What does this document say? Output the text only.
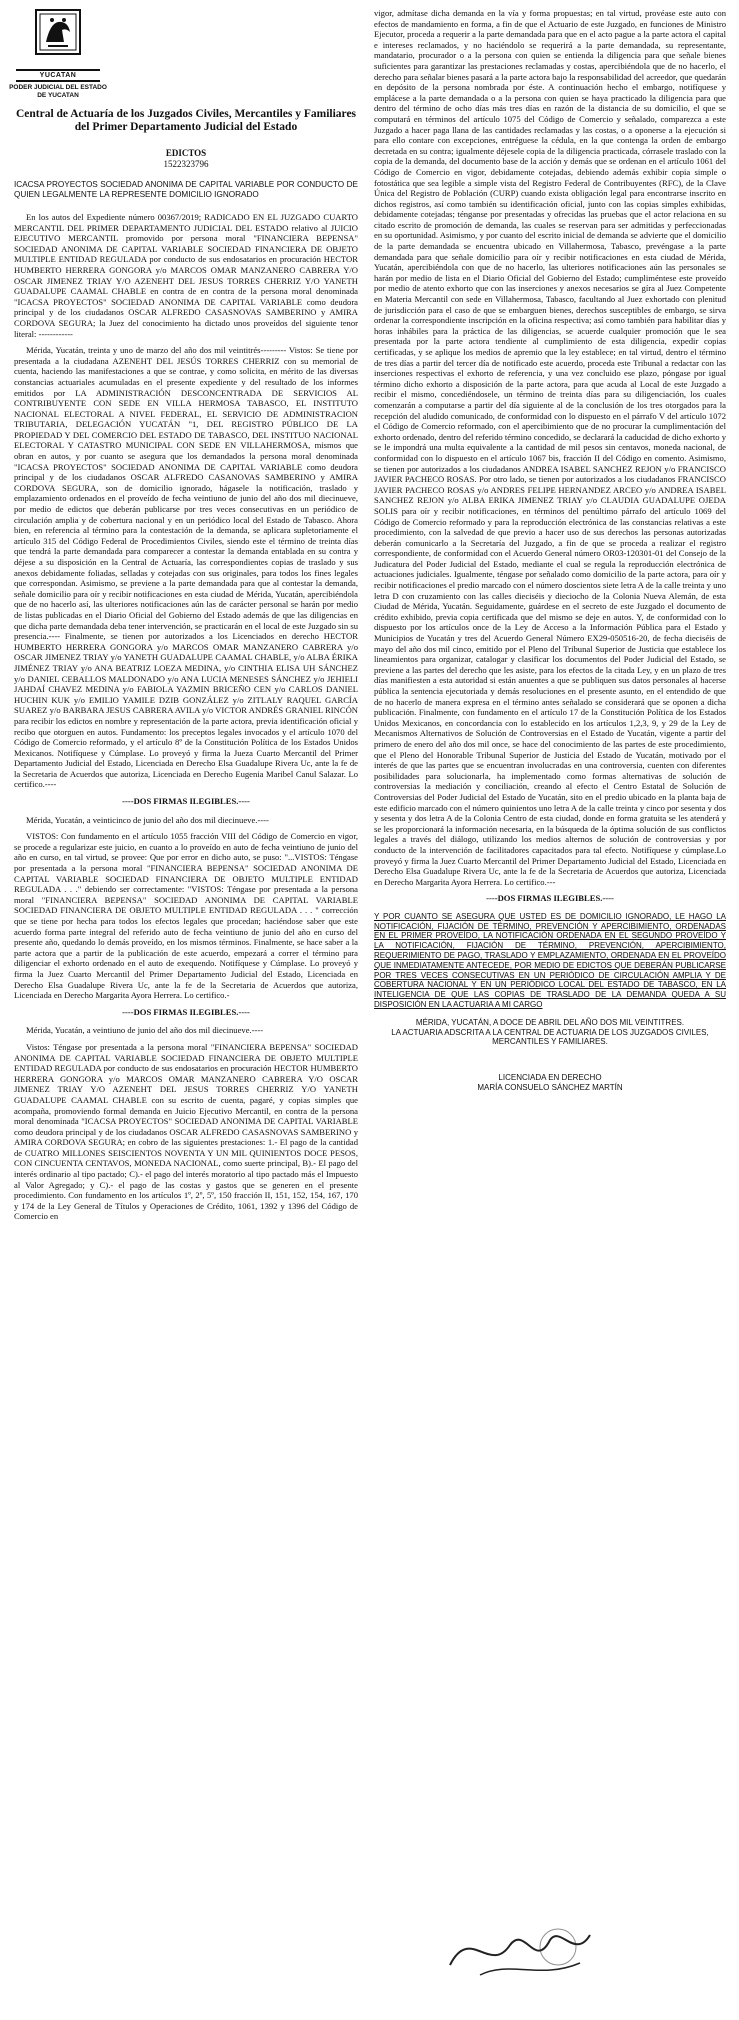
YUCATAN
PODER JUDICIAL DEL ESTADO DE YUCATAN
Central de Actuaría de los Juzgados Civiles, Mercantiles y Familiares del Primer Departamento Judicial del Estado
EDICTOS
1522323796
ICACSA PROYECTOS SOCIEDAD ANONIMA DE CAPITAL VARIABLE POR CONDUCTO DE QUIEN LEGALMENTE LA REPRESENTE DOMICILIO IGNORADO

En los autos del Expediente número 00367/2019; RADICADO EN EL JUZGADO CUARTO MERCANTIL DEL PRIMER DEPARTAMENTO JUDICIAL DEL ESTADO relativo al JUICIO EJECUTIVO MERCANTIL promovido por persona moral "FINANCIERA BEPENSA" SOCIEDAD ANONIMA DE CAPITAL VARIABLE SOCIEDAD FINANCIERA DE OBJETO MULTIPLE ENTIDAD REGULADA por conducto de sus endosatarios en procuración HECTOR HUMBERTO HERRERA GONGORA y/o MARCOS OMAR MANZANERO CABRERA Y/O OSCAR JIMENEZ TRIAY Y/O AZENEHT DEL JESUS TORRES CHERRIZ Y/O YANETH GUADALUPE CAAMAL CHABLE en contra de en contra de la persona moral denominada "ICACSA PROYECTOS" SOCIEDAD ANONIMA DE CAPITAL VARIABLE como deudora principal y de los ciudadanos OSCAR ALFREDO CASASNOVAS SAMBERINO y AMIRA CORDOVA SEGURA; la Juez del conocimiento ha dictado unos proveídos del siguiente tenor literal: ------------

Mérida, Yucatán, treinta y uno de marzo del año dos mil veintitrés--------- Vistos: Se tiene por presentada a la ciudadana AZENEHT DEL JESÚS TORRES CHERRIZ con su memorial de cuenta, haciendo las manifestaciones a que se contrae, y como solicita, en mérito de las diversas constancias actuariales acumuladas en el presente expediente y del resultado de los informes emitidos por LA ADMINISTRACIÓN DESCONCENTRADA DE SERVICIOS AL CONTRIBUYENTE CON SEDE EN VILLA HERMOSA TABASCO, EL INSTITUTO NACIONAL ELECTORAL A NIVEL FEDERAL, EL SERVICIO DE ADMINISTRACION TRIBUTARIA, DELEGACIÓN YUCATÁN "1, DEL REGISTRO PÚBLICO DE LA PROPIEDAD Y DEL COMERCIO DEL ESTADO DE TABASCO, DEL INSTITUO NACIONAL ELECTORAL Y CATASTRO MUNICIPAL CON SEDE EN VILLAHERMOSA, mismos que obran en autos, y por cuanto se asegura que los demandados la persona moral denominada "ICACSA PROYECTOS" SOCIEDAD ANONIMA DE CAPITAL VARIABLE como deudora principal y de los ciudadanos OSCAR ALFREDO CASANOVAS SAMBERINO y AMIRA CORDOVA SEGURA, son de domicilio ignorado, hágasele la notificación, traslado y emplazamiento ordenados en el proveído de fecha veintiuno de junio del año dos mil diecinueve, por medio de edictos que deberán publicarse por tres veces consecutivas en un periódico de circulación amplia y de cobertura nacional y en un periódico local del Estado de Tabasco. Ahora bien, en referencia al término para la contestación de la demanda, se aplicara supletoriamente el artículo 315 del Código Federal de Procedimientos Civiles, siendo este el término de treinta días que tendrá la parte demandada para comparecer a contestar la demanda entablada en su contra y déjese a su disposición en la Central de Actuaría, las correspondientes copias de traslado y sus anexos debidamente foliadas, selladas y cotejadas con sus originales, para todos los fines legales que correspondan. Asimismo, se previene a la parte demandada para que al contestar la demanda, señale domicilio para oír y recibir notificaciones en esta ciudad de Mérida, Yucatán, apercibiéndola que de no hacerlo así, las ulteriores notificaciones aún las de carácter personal se harán por medio de listas publicadas en el Diario Oficial del Gobierno del Estado además de que las diligencias en que dicha parte demandada deba tener intervención, se practicarán en el local de este Juzgado sin su presencia.---- Finalmente, se tienen por autorizados a los Licenciados en derecho HECTOR HUMBERTO HERRERA GONGORA y/o MARCOS OMAR MANZANERO CABRERA y/o OSCAR JIMENEZ TRIAY y/o YANETH GUADALUPE CAAMAL CHABLE, y/o ALBA ÉRIKA JIMÉNEZ TRIAY y/o ANA BEATRIZ LOEZA MEDINA, y/o CINTHIA ELISA UH SÁNCHEZ y/o DANIEL CEBALLOS MALDONADO y/o ANA LUCIA MENESES SÁNCHEZ y/o JEHIELI JAHDAÍ CHAVEZ MEDINA y/o FABIOLA YAZMIN BRICEÑO CEN y/o CARLOS DANIEL HUCHIN KUK y/o EMILIO YAMILE DZIB GONZÁLEZ y/o ZITLALY RAQUEL GARCÍA SUAREZ y/o BARBARA JESUS CABRERA AVILA y/o VICTOR ANDRÉS GRANIEL RINCÓN para recibir los edictos en nombre y representación de la parte actora, previa identificación oficial y recibo que otorguen en autos. Fundamento: los preceptos legales invocados y el artículo 1070 del Código de Comercio reformado, y el artículo 8º de la Constitución Política de los Estados Unidos Mexicanos. Notifíquese y Cúmplase. Lo proveyó y firma la Jueza Cuarto Mercantil del Primer Departamento Judicial del Estado, Licenciada en Derecho Elsa Guadalupe Rivera Uc, ante la fe de la Secretaria de Acuerdos que autoriza, Licenciada en Derecho Eugenia Maribel Canul Salazar. Lo certifico.----

----DOS FIRMAS ILEGIBLES.----

Mérida, Yucatán, a veinticinco de junio del año dos mil diecinueve.----

VISTOS: Con fundamento en el artículo 1055 fracción VIII del Código de Comercio en vigor, se procede a regularizar este juicio, en cuanto a lo proveído en auto de fecha veintiuno de junio del año en curso, en tal virtud, se provee: Que por error en dicho auto, se puso: "...VISTOS: Téngase por presentada a la persona moral "FINANCIERA BEPENSA" SOCIEDAD ANONIMA DE CAPITAL VARIABLE SOCIEDAD FINANCIERA DE OBJETO MULTIPLE ENTIDAD REGULADA . . ." debiendo ser correctamente: "VISTOS: Téngase por presentada a la persona moral "FINANCIERA BEPENSA" SOCIEDAD ANONIMA DE CAPITAL VARIABLE SOCIEDAD FINANCIERA DE OBJETO MULTIPLE ENTIDAD REGULADA . . . " corrección que se tiene por hecha para todos los efectos legales que procedan; haciéndose saber que este acuerdo forma parte integral del referido auto de fecha veintiuno de junio del año en curso del presente año, quedando lo demás proveído, en los mismos términos. Finalmente, se hace saber a la parte actora que a partir de la publicación de este acuerdo, empezará a correr el término para diligenciar el exhorto ordenado en el auto de exequendo. Notifíquese y Cúmplase. Lo proveyó y firma la Juez Cuarto Mercantil del Primer Departamento Judicial del Estado, Licenciada en Derecho Elsa Guadalupe Rivera Uc, ante la fe de la Secretaria de Acuerdos que autoriza, Licenciada en Derecho Margarita Ayora Herrera. Lo certifico.-

----DOS FIRMAS ILEGIBLES.----

Mérida, Yucatán, a veintiuno de junio del año dos mil diecinueve.----

Vistos: Téngase por presentada a la persona moral "FINANCIERA BEPENSA" SOCIEDAD ANONIMA DE CAPITAL VARIABLE SOCIEDAD FINANCIERA DE OBJETO MULTIPLE ENTIDAD REGULADA por conducto de sus endosatarios en procuración HECTOR HUMBERTO HERRERA GONGORA y/o MARCOS OMAR MANZANERO CABRERA Y/O OSCAR JIMENEZ TRIAY Y/O AZENEHT DEL JESUS TORRES CHERRIZ Y/O YANETH GUADALUPE CAAMAL CHABLE con su escrito de cuenta, pagaré, y copias simples que acompaña, promoviendo formal demanda en Juicio Ejecutivo Mercantil, en contra de la persona moral denominada "ICACSA PROYECTOS" SOCIEDAD ANONIMA DE CAPITAL VARIABLE como deudora principal y de los ciudadanos OSCAR ALFREDO CASASNOVAS SAMBERINO y AMIRA CORDOVA SEGURA; en cobro de las siguientes prestaciones: 1.- El pago de la cantidad de CUATRO MILLONES SEISCIENTOS NOVENTA Y UN MIL QUINIENTOS DOCE PESOS, CON CINCUENTA CENTAVOS, MONEDA NACIONAL, como suerte principal, B).- El pago del interés ordinario al tipo pactado; C).- el pago del interés moratorio al tipo pactado más el Impuesto al Valor Agregado; y C).- el pago de las costas y gastos que se generen en el presente procedimiento. Con fundamento en los artículos 1º, 2º, 5º, 150 fracción II, 151, 152, 154, 167, 170 y 174 de la Ley General de Títulos y Operaciones de Crédito, 1061, 1392 y 1396 del Código de Comercio en

vigor, admítase dicha demanda en la vía y forma propuestas; en tal virtud, provéase este auto con efectos de mandamiento en forma, a fin de que el Actuario de este Juzgado, en funciones de Ministro Ejecutor, proceda a requerir a la parte demandada para que en el acto pague a la parte actora el capital e intereses reclamados, y no haciéndolo se requerirá a la parte demandada, su representante, mandatario, procurador o a la persona con quien se entienda la diligencia para que señale bienes suficientes para garantizar las prestaciones reclamadas y costas, apercibiéndola que de no hacerlo, el derecho para señalar bienes pasará a la parte actora bajo la responsabilidad del acreedor, que quedarán en depósito de la persona nombrada por éste. A continuación hecho el embargo, notifíquese y emplácese a la parte demandada o a la persona con quien se haya practicado la diligencia para que dentro del término de ocho días más tres días en razón de la distancia de su domicilio, el que se computará en términos del artículo 1075 del Código de Comercio y señalado, comparezca a este Juzgado a hacer paga llana de las cantidades reclamadas y las costas, o a oponerse a la ejecución si para ello contare con excepciones, entréguese la cédula, en la que contenga la orden de embargo decretada en su contra; igualmente déjesele copia de la diligencia practicada, córrasele traslado con la copia de la demanda, del documento base de la acción y demás que se ordenan en el artículo 1061 del Código de Comercio en vigor, debidamente cotejadas, debiendo además exhibir copia simple o fotostática que sea legible a simple vista del Registro Federal de Contribuyentes (RFC), de la Clave Única del Registro de Población (CURP) cuando exista obligación legal para encontrarse inscrito en dichos registros, así como también su identificación oficial, junto con las copias simples exhibidas, debidamente cotejadas; ténganse por presentadas y ofrecidas las pruebas que el actor relaciona en su citado escrito de promoción de demanda, las cuales se reservan para ser admitidas y perfeccionadas en su oportunidad. Asimismo, y por cuanto del escrito inicial de demanda se advierte que el domicilio de la parte demandada se encuentra ubicado en Villahermosa, Tabasco, prevéngase a la parte demandada para que señale domicilio para oír y recibir notificaciones en esta ciudad de Mérida, Yucatán, apercibiéndola con que de no hacerlo, las ulteriores notificaciones aún las personales se harán por medio de lista en el Diario Oficial del Gobierno del Estado; cumpliméntese este proveído por medio de atento exhorto que con las inserciones y anexos necesarios se gíra al Juez Competente en Materia Mercantil con sede en Villahermosa, Tabasco, facultando al Juez exhortado con plenitud de jurisdicción para el caso de que se embarguen bienes, derechos susceptibles de embargo, se sirva ordenar la correspondiente inscripción en la oficina respectiva; así como también para habilitar días y horas inhábiles para la práctica de las diligencias, se acuerde cualquier promoción que le sea presentada por la parte actora tendiente al cumplimiento de esta diligencia, expedir copias certificadas, y se aplique los medios de apremio que la ley establece; en tal virtud, dentro el término de tres días a partir del tercer día de notificado este acuerdo, proceda este Tribunal a redactar con las inserciones respectivas el exhorto de referencia, y una vez concluido ese plazo, póngase por igual término dicho exhorto a disposición de la parte actora, para que acuda al Local de este Juzgado a recibir el mismo, concediéndosele, un término de treinta días para su diligenciación, los cuales comenzarán a computarse a partir del día siguiente al de la conclusión de los tres otorgados para la recepción del aludido comunicado, de conformidad con lo dispuesto en el párrafo V del artículo 1072 el Código de Comercio reformado, con el apercibimiento que de no procurar la cumplimentación del exhorto ordenado, dentro del referido término concedido, se declarará la caducidad de dicho exhorto y se le impondrá una multa equivalente a la cantidad de mil pesos sin centavos, moneda nacional, de conformidad con lo dispuesto en el artículo 1067 bis, fracción II del Código en comento. Asimismo, se tienen por autorizados a los ciudadanos ANDREA ISABEL SANCHEZ REJON y/o FRANCISCO JAVIER PACHECO ROSAS. Por otro lado, se tienen por autorizados a los ciudadanos FRANCISCO JAVIER PACHECO ROSAS y/o ANDRES FELIPE HERNANDEZ ARCEO y/o ANDREA ISABEL SANCHEZ REJON y/o ALBA ERIKA JIMENEZ TRIAY y/o CLAUDIA GUADALUPE OJEDA SOLIS para oír y recibir notificaciones, en términos del penúltimo párrafo del artículo 1069 del Código de Comercio reformado y para la reproducción electrónica de las constancias relativas a este procedimiento, con la salvedad de que previo a hacer uso de sus derechos las personas autorizadas deberán comunicarlo a la Secretaría del Juzgado, a fin de que se proceda a realizar el registro correspondiente, de conformidad con el Acuerdo General número OR03-120301-01 del Consejo de la Judicatura del Poder Judicial del Estado, mediante el cual se regula la reproducción electrónica de actuaciones judiciales. Igualmente, téngase por señalado como domicilio de la parte actora, para oír y recibir notificaciones el predio marcado con el número doscientos siete letra A de la calle treinta y uno letra D con cruzamiento con las calles dieciséis y dieciocho de la Colonia Nueva Alemán, de esta Ciudad de Mérida, Yucatán. Seguidamente, guárdese en el secreto de este Juzgado el documento de crédito exhibido, previa copia certificada que del mismo se deje en autos. Y, de conformidad con lo dispuesto por los artículos once de la Ley de Acceso a la Información Pública para el Estado y Municipios de Yucatán y tres del Acuerdo General Número EX29-050516-20, de fecha dieciséis de mayo del año dos mil cinco, emitido por el Pleno del Tribunal Superior de Justicia que establece los lineamientos para organizar, catalogar y clasificar los documentos del Poder Judicial del Estado, se previene a las partes del derecho que les asiste, para los efectos de la citada Ley, y en un plazo de tres días manifiesten a esta autoridad si están anuentes a que se publiquen sus datos personales al hacerse pública la sentencia ejecutoriada y demás resoluciones en el presente asunto, en el entendido de que de no hacerlo de manera expresa en el término antes señalado se considerará que se oponen a dicha publicación. Finalmente, con fundamento en el artículo 17 de la Constitución Política de los Estados Unidos Mexicanos, en concordancia con lo establecido en los artículos 1,2,3, 9, y 29 de la Ley de Mecanismos Alternativos de Solución de Controversias en el Estado de Yucatán, vigente a partir del primero de enero del año dos mil once, se hace del conocimiento de las partes de este procedimiento, que el Pleno del Honorable Tribunal Superior de Justicia del Estado de Yucatán, motivado por el interés de que las partes que se encuentran involucradas en una controversia, cuenten con diferentes posibilidades para solucionarla, ha implementado como formas alternativas de solución de controversias la mediación y conciliación, creando al efecto el Centro Estatal de Solución de Controversias del Poder Judicial del Estado de Yucatán, sito en el predio ubicado en la planta baja de este edificio marcado con el número quinientos uno letra A de la calle treinta y cinco por sesenta y dos y sesenta y dos letra A de la Colonia Centro de esta ciudad, donde en forma gratuita se les atenderá y se les proporcionará la información necesaria, en la búsqueda de la óptima solución de sus conflictos legales a través del diálogo, utilizando los medios alternos de solución de controversias y por conducto de la intervención de facilitadores capacitados para tal efecto. Notifíquese y cúmplase.Lo proveyó y firma la Juez Cuarto Mercantil del Primer Departamento Judicial del Estado, Licenciada en Derecho Elsa Guadalupe Rivera Uc, ante la fe de la Secretaria de Acuerdos que autoriza, Licenciada en Derecho Margarita Ayora Herrera. Lo certifico.---

----DOS FIRMAS ILEGIBLES.----

Y POR CUANTO SE ASEGURA QUE USTED ES DE DOMICILIO IGNORADO, LE HAGO LA NOTIFICACIÓN, FIJACIÓN DE TÉRMINO, PREVENCIÓN Y APERCIBIMIENTO, ORDENADAS EN EL PRIMER PROVEÍDO, LA NOTIFICACIÓN ORDENADA EN EL SEGUNDO PROVEÍDO Y LA NOTIFICACIÓN, FIJACIÓN DE TÉRMINO, PREVENCIÓN, APERCIBIMIENTO, REQUERIMIENTO DE PAGO, TRASLADO Y EMPLAZAMIENTO, ORDENADA EN EL PROVEÍDO QUE INMEDIATAMENTE ANTECEDE, POR MEDIO DE EDICTOS QUE DEBERÁN PUBLICARSE POR TRES VECES CONSECUTIVAS EN UN PERIÓDICO DE CIRCULACIÓN AMPLIA Y DE COBERTURA NACIONAL Y EN UN PERIÓDICO LOCAL DEL ESTADO DE TABASCO, EN LA INTELIGENCIA DE QUE LAS COPIAS DE TRASLADO DE LA DEMANDA QUEDA A SU DISPOSICIÓN EN LA ACTUARIA A MI CARGO

MÉRIDA, YUCATÁN, A DOCE DE ABRIL DEL AÑO DOS MIL VEINTITRES.
LA ACTUARIA ADSCRITA A LA CENTRAL DE ACTUARIA DE LOS JUZGADOS CIVILES, MERCANTILES Y FAMILIARES.
LICENCIADA EN DERECHO
MARÍA CONSUELO SÁNCHEZ MARTÍN
